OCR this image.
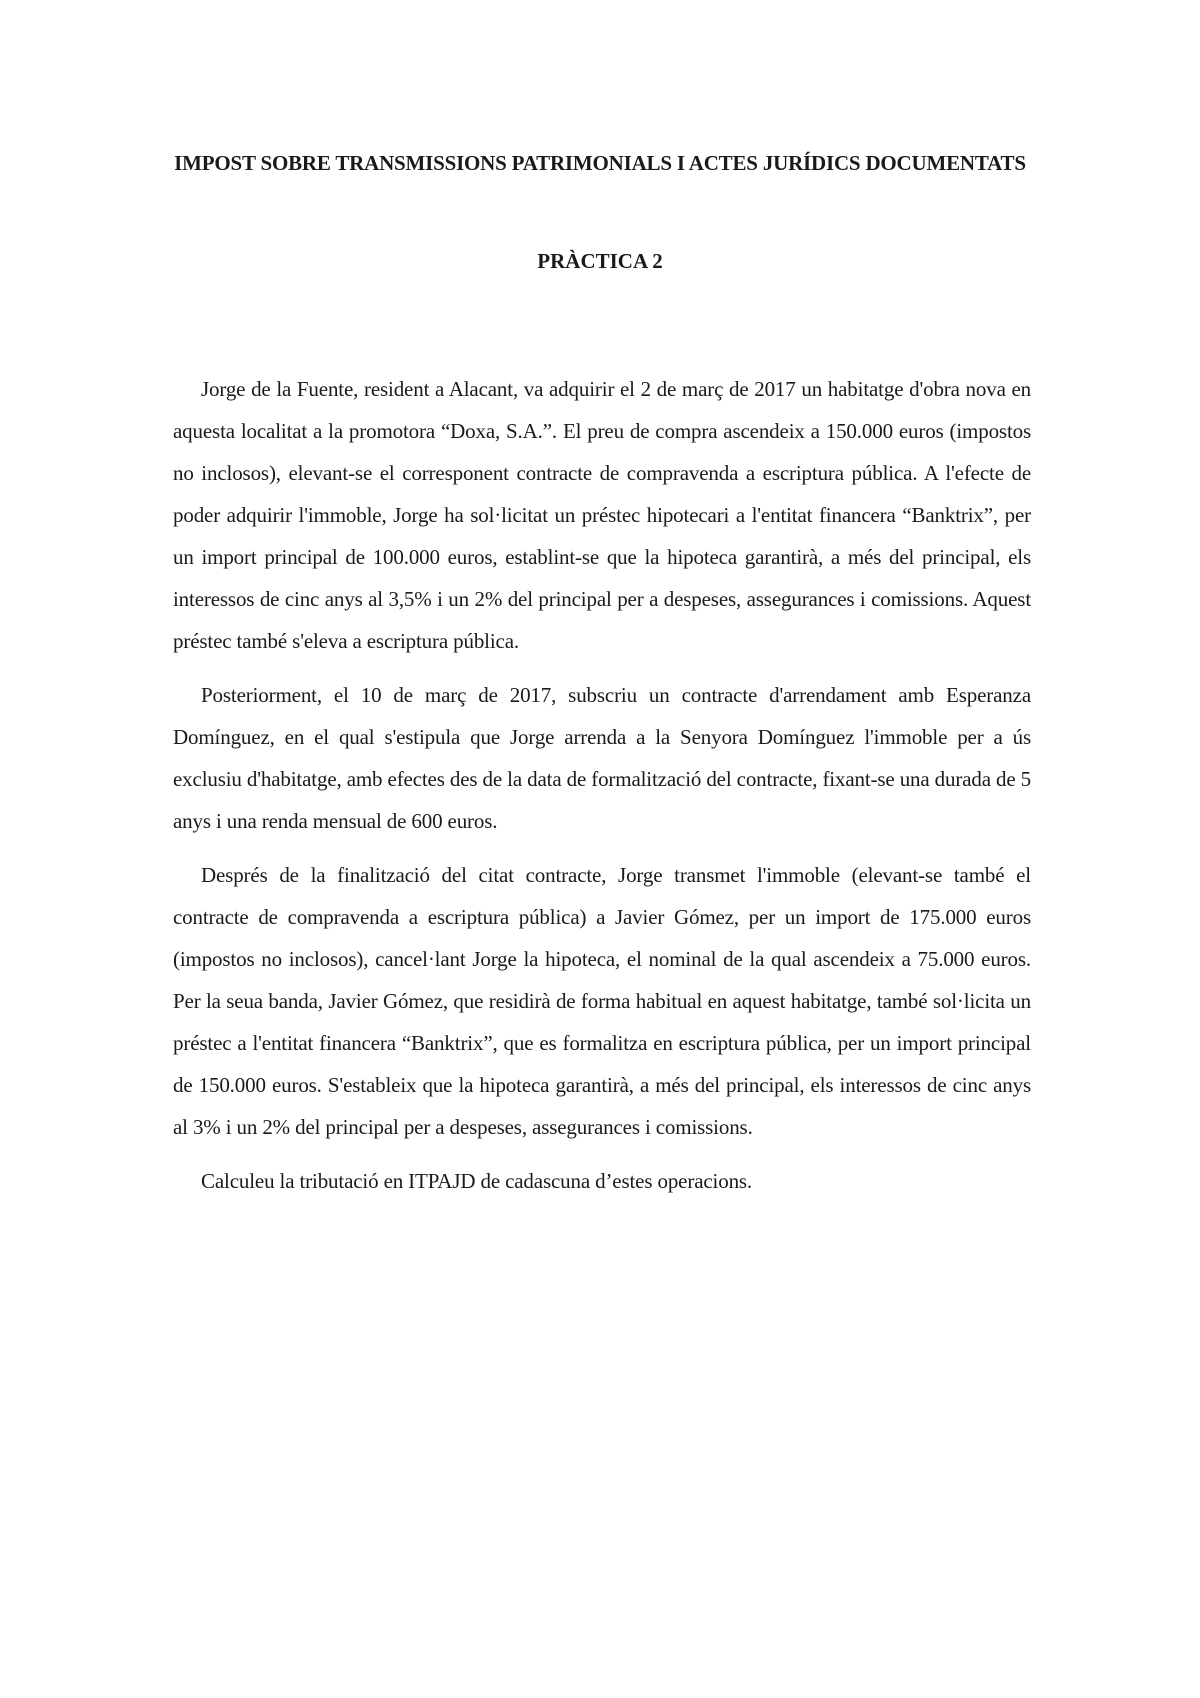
IMPOST SOBRE TRANSMISSIONS PATRIMONIALS I ACTES JURÍDICS DOCUMENTATS
PRÀCTICA 2

Jorge de la Fuente, resident a Alacant, va adquirir el 2 de març de 2017 un habitatge d'obra nova en aquesta localitat a la promotora “Doxa, S.A.”. El preu de compra ascendeix a 150.000 euros (impostos no inclosos), elevant-se el corresponent contracte de compravenda a escriptura pública. A l'efecte de poder adquirir l'immoble, Jorge ha sol·licitat un préstec hipotecari a l'entitat financera “Banktrix”, per un import principal de 100.000 euros, establint-se que la hipoteca garantirà, a més del principal, els interessos de cinc anys al 3,5% i un 2% del principal per a despeses, assegurances i comissions. Aquest préstec també s'eleva a escriptura pública.

Posteriorment, el 10 de març de 2017, subscriu un contracte d'arrendament amb Esperanza Domínguez, en el qual s'estipula que Jorge arrenda a la Senyora Domínguez l'immoble per a ús exclusiu d'habitatge, amb efectes des de la data de formalització del contracte, fixant-se una durada de 5 anys i una renda mensual de 600 euros.

Després de la finalització del citat contracte, Jorge transmet l'immoble (elevant-se també el contracte de compravenda a escriptura pública) a Javier Gómez, per un import de 175.000 euros (impostos no inclosos), cancel·lant Jorge la hipoteca, el nominal de la qual ascendeix a 75.000 euros. Per la seua banda, Javier Gómez, que residirà de forma habitual en aquest habitatge, també sol·licita un préstec a l'entitat financera “Banktrix”, que es formalitza en escriptura pública, per un import principal de 150.000 euros. S'estableix que la hipoteca garantirà, a més del principal, els interessos de cinc anys al 3% i un 2% del principal per a despeses, assegurances i comissions.

Calculeu la tributació en ITPAJD de cadascuna d’estes operacions.
